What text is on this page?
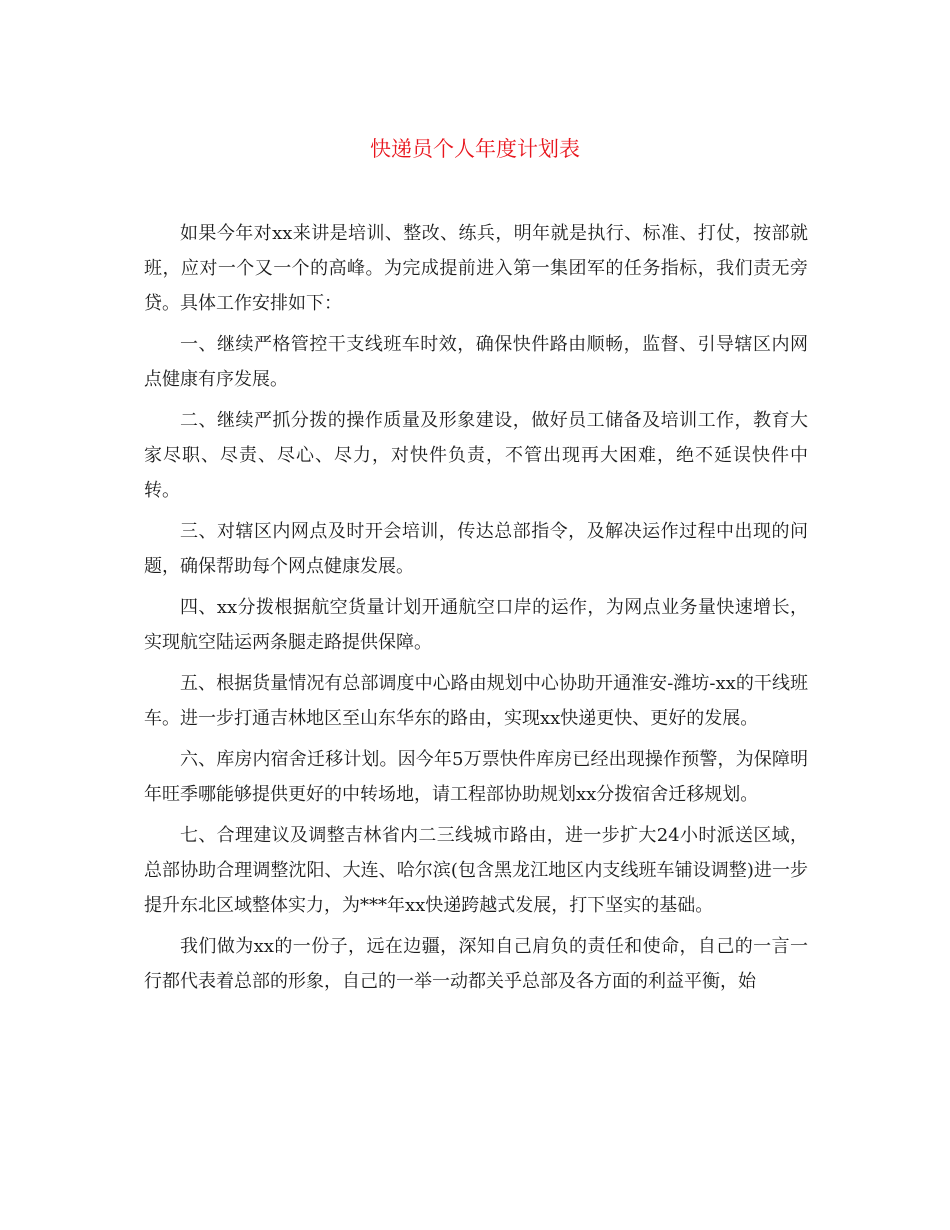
快递员个人年度计划表

如果今年对xx来讲是培训、整改、练兵，明年就是执行、标准、打仗，按部就班，应对一个又一个的高峰。为完成提前进入第一集团军的任务指标，我们责无旁贷。具体工作安排如下：

一、继续严格管控干支线班车时效，确保快件路由顺畅，监督、引导辖区内网点健康有序发展。

二、继续严抓分拨的操作质量及形象建设，做好员工储备及培训工作，教育大家尽职、尽责、尽心、尽力，对快件负责，不管出现再大困难，绝不延误快件中转。

三、对辖区内网点及时开会培训，传达总部指令，及解决运作过程中出现的问题，确保帮助每个网点健康发展。

四、xx分拨根据航空货量计划开通航空口岸的运作，为网点业务量快速增长，实现航空陆运两条腿走路提供保障。

五、根据货量情况有总部调度中心路由规划中心协助开通淮安-潍坊-xx的干线班车。进一步打通吉林地区至山东华东的路由，实现xx快递更快、更好的发展。

六、库房内宿舍迁移计划。因今年5万票快件库房已经出现操作预警，为保障明年旺季哪能够提供更好的中转场地，请工程部协助规划xx分拨宿舍迁移规划。

七、合理建议及调整吉林省内二三线城市路由，进一步扩大24小时派送区域，总部协助合理调整沈阳、大连、哈尔滨(包含黑龙江地区内支线班车铺设调整)进一步提升东北区域整体实力，为***年xx快递跨越式发展，打下坚实的基础。

我们做为xx的一份子，远在边疆，深知自己肩负的责任和使命，自己的一言一行都代表着总部的形象，自己的一举一动都关乎总部及各方面的利益平衡，始
